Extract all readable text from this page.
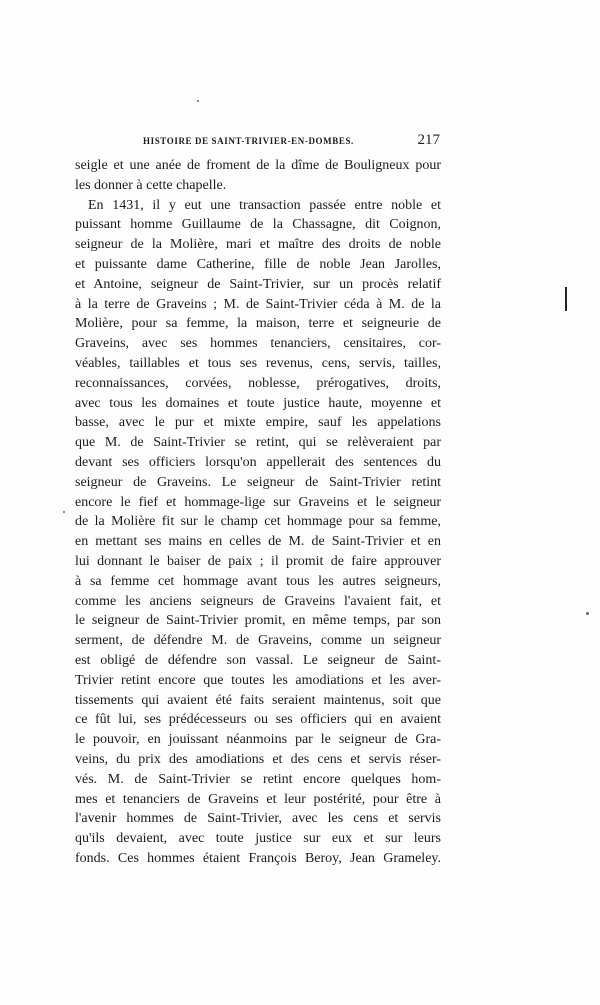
HISTOIRE DE SAINT-TRIVIER-EN-DOMBES.	217
seigle et une anée de froment de la dîme de Bouligneux pour
les donner à cette chapelle.
En 1431, il y eut une transaction passée entre noble et
puissant homme Guillaume de la Chassagne, dit Coignon,
seigneur de la Molière, mari et maître des droits de noble
et puissante dame Catherine, fille de noble Jean Jarolles,
et Antoine, seigneur de Saint-Trivier, sur un procès relatif
à la terre de Graveins ; M. de Saint-Trivier céda à M. de la
Molière, pour sa femme, la maison, terre et seigneurie de
Graveins, avec ses hommes tenanciers, censitaires, cor-
véables, taillables et tous ses revenus, cens, servis, tailles,
reconnaissances, corvées, noblesse, prérogatives, droits,
avec tous les domaines et toute justice haute, moyenne et
basse, avec le pur et mixte empire, sauf les appelations
que M. de Saint-Trivier se retint, qui se relèveraient par
devant ses officiers lorsqu'on appellerait des sentences du
seigneur de Graveins. Le seigneur de Saint-Trivier retint
encore le fief et hommage-lige sur Graveins et le seigneur
de la Molière fit sur le champ cet hommage pour sa femme,
en mettant ses mains en celles de M. de Saint-Trivier et en
lui donnant le baiser de paix ; il promit de faire approuver
à sa femme cet hommage avant tous les autres seigneurs,
comme les anciens seigneurs de Graveins l'avaient fait, et
le seigneur de Saint-Trivier promit, en même temps, par son
serment, de défendre M. de Graveins, comme un seigneur
est obligé de défendre son vassal. Le seigneur de Saint-
Trivier retint encore que toutes les amodiations et les aver-
tissements qui avaient été faits seraient maintenus, soit que
ce fût lui, ses prédécesseurs ou ses officiers qui en avaient
le pouvoir, en jouissant néanmoins par le seigneur de Gra-
veins, du prix des amodiations et des cens et servis réser-
vés. M. de Saint-Trivier se retint encore quelques hom-
mes et tenanciers de Graveins et leur postérité, pour être à
l'avenir hommes de Saint-Trivier, avec les cens et servis
qu'ils devaient, avec toute justice sur eux et sur leurs
fonds. Ces hommes étaient François Beroy, Jean Grameley.
